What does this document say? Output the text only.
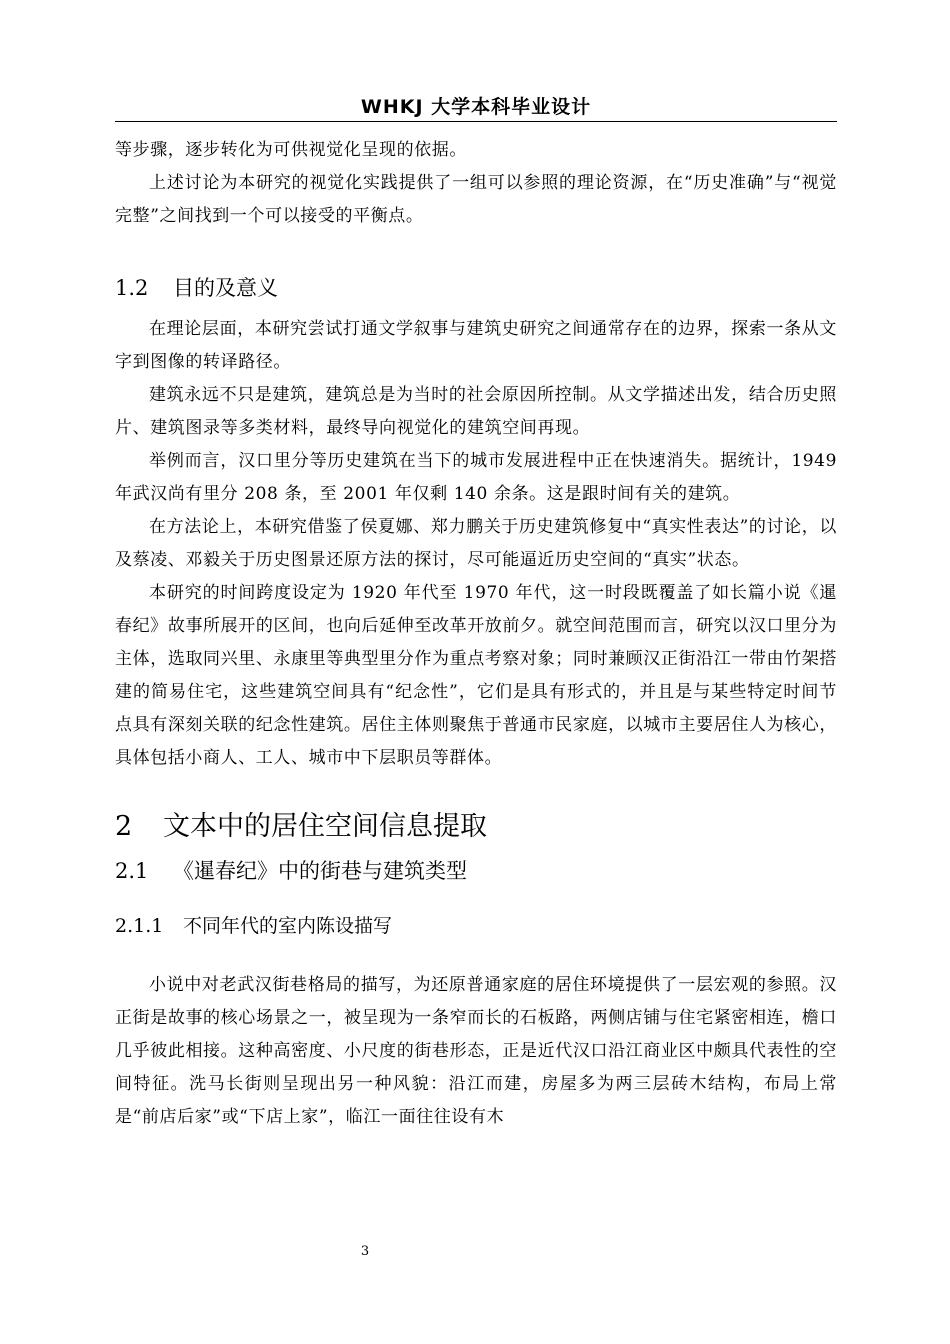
WHKJ 大学本科毕业设计

等步骤，逐步转化为可供视觉化呈现的依据。

上述讨论为本研究的视觉化实践提供了一组可以参照的理论资源，在“历史准确”与“视觉完整”之间找到一个可以接受的平衡点。

1.2 目的及意义

在理论层面，本研究尝试打通文学叙事与建筑史研究之间通常存在的边界，探索一条从文字到图像的转译路径。

建筑永远不只是建筑，建筑总是为当时的社会原因所控制。从文学描述出发，结合历史照片、建筑图录等多类材料，最终导向视觉化的建筑空间再现。

举例而言，汉口里分等历史建筑在当下的城市发展进程中正在快速消失。据统计，1949 年武汉尚有里分 208 条，至 2001 年仅剩 140 余条。这是跟时间有关的建筑。

在方法论上，本研究借鉴了侯夏娜、郑力鹏关于历史建筑修复中“真实性表达”的讨论，以及蔡凌、邓毅关于历史图景还原方法的探讨，尽可能逼近历史空间的“真实”状态。

本研究的时间跨度设定为 1920 年代至 1970 年代，这一时段既覆盖了如长篇小说《暹春纪》故事所展开的区间，也向后延伸至改革开放前夕。就空间范围而言，研究以汉口里分为主体，选取同兴里、永康里等典型里分作为重点考察对象；同时兼顾汉正街沿江一带由竹架搭建的简易住宅，这些建筑空间具有“纪念性”，它们是具有形式的，并且是与某些特定时间节点具有深刻关联的纪念性建筑。居住主体则聚焦于普通市民家庭，以城市主要居住人为核心，具体包括小商人、工人、城市中下层职员等群体。

2 文本中的居住空间信息提取
2.1 《暹春纪》中的街巷与建筑类型
2.1.1 不同年代的室内陈设描写

小说中对老武汉街巷格局的描写，为还原普通家庭的居住环境提供了一层宏观的参照。汉正街是故事的核心场景之一，被呈现为一条窄而长的石板路，两侧店铺与住宅紧密相连，檐口几乎彼此相接。这种高密度、小尺度的街巷形态，正是近代汉口沿江商业区中颇具代表性的空间特征。洗马长街则呈现出另一种风貌：沿江而建，房屋多为两三层砖木结构，布局上常是“前店后家”或“下店上家”，临江一面往往设有木

3
